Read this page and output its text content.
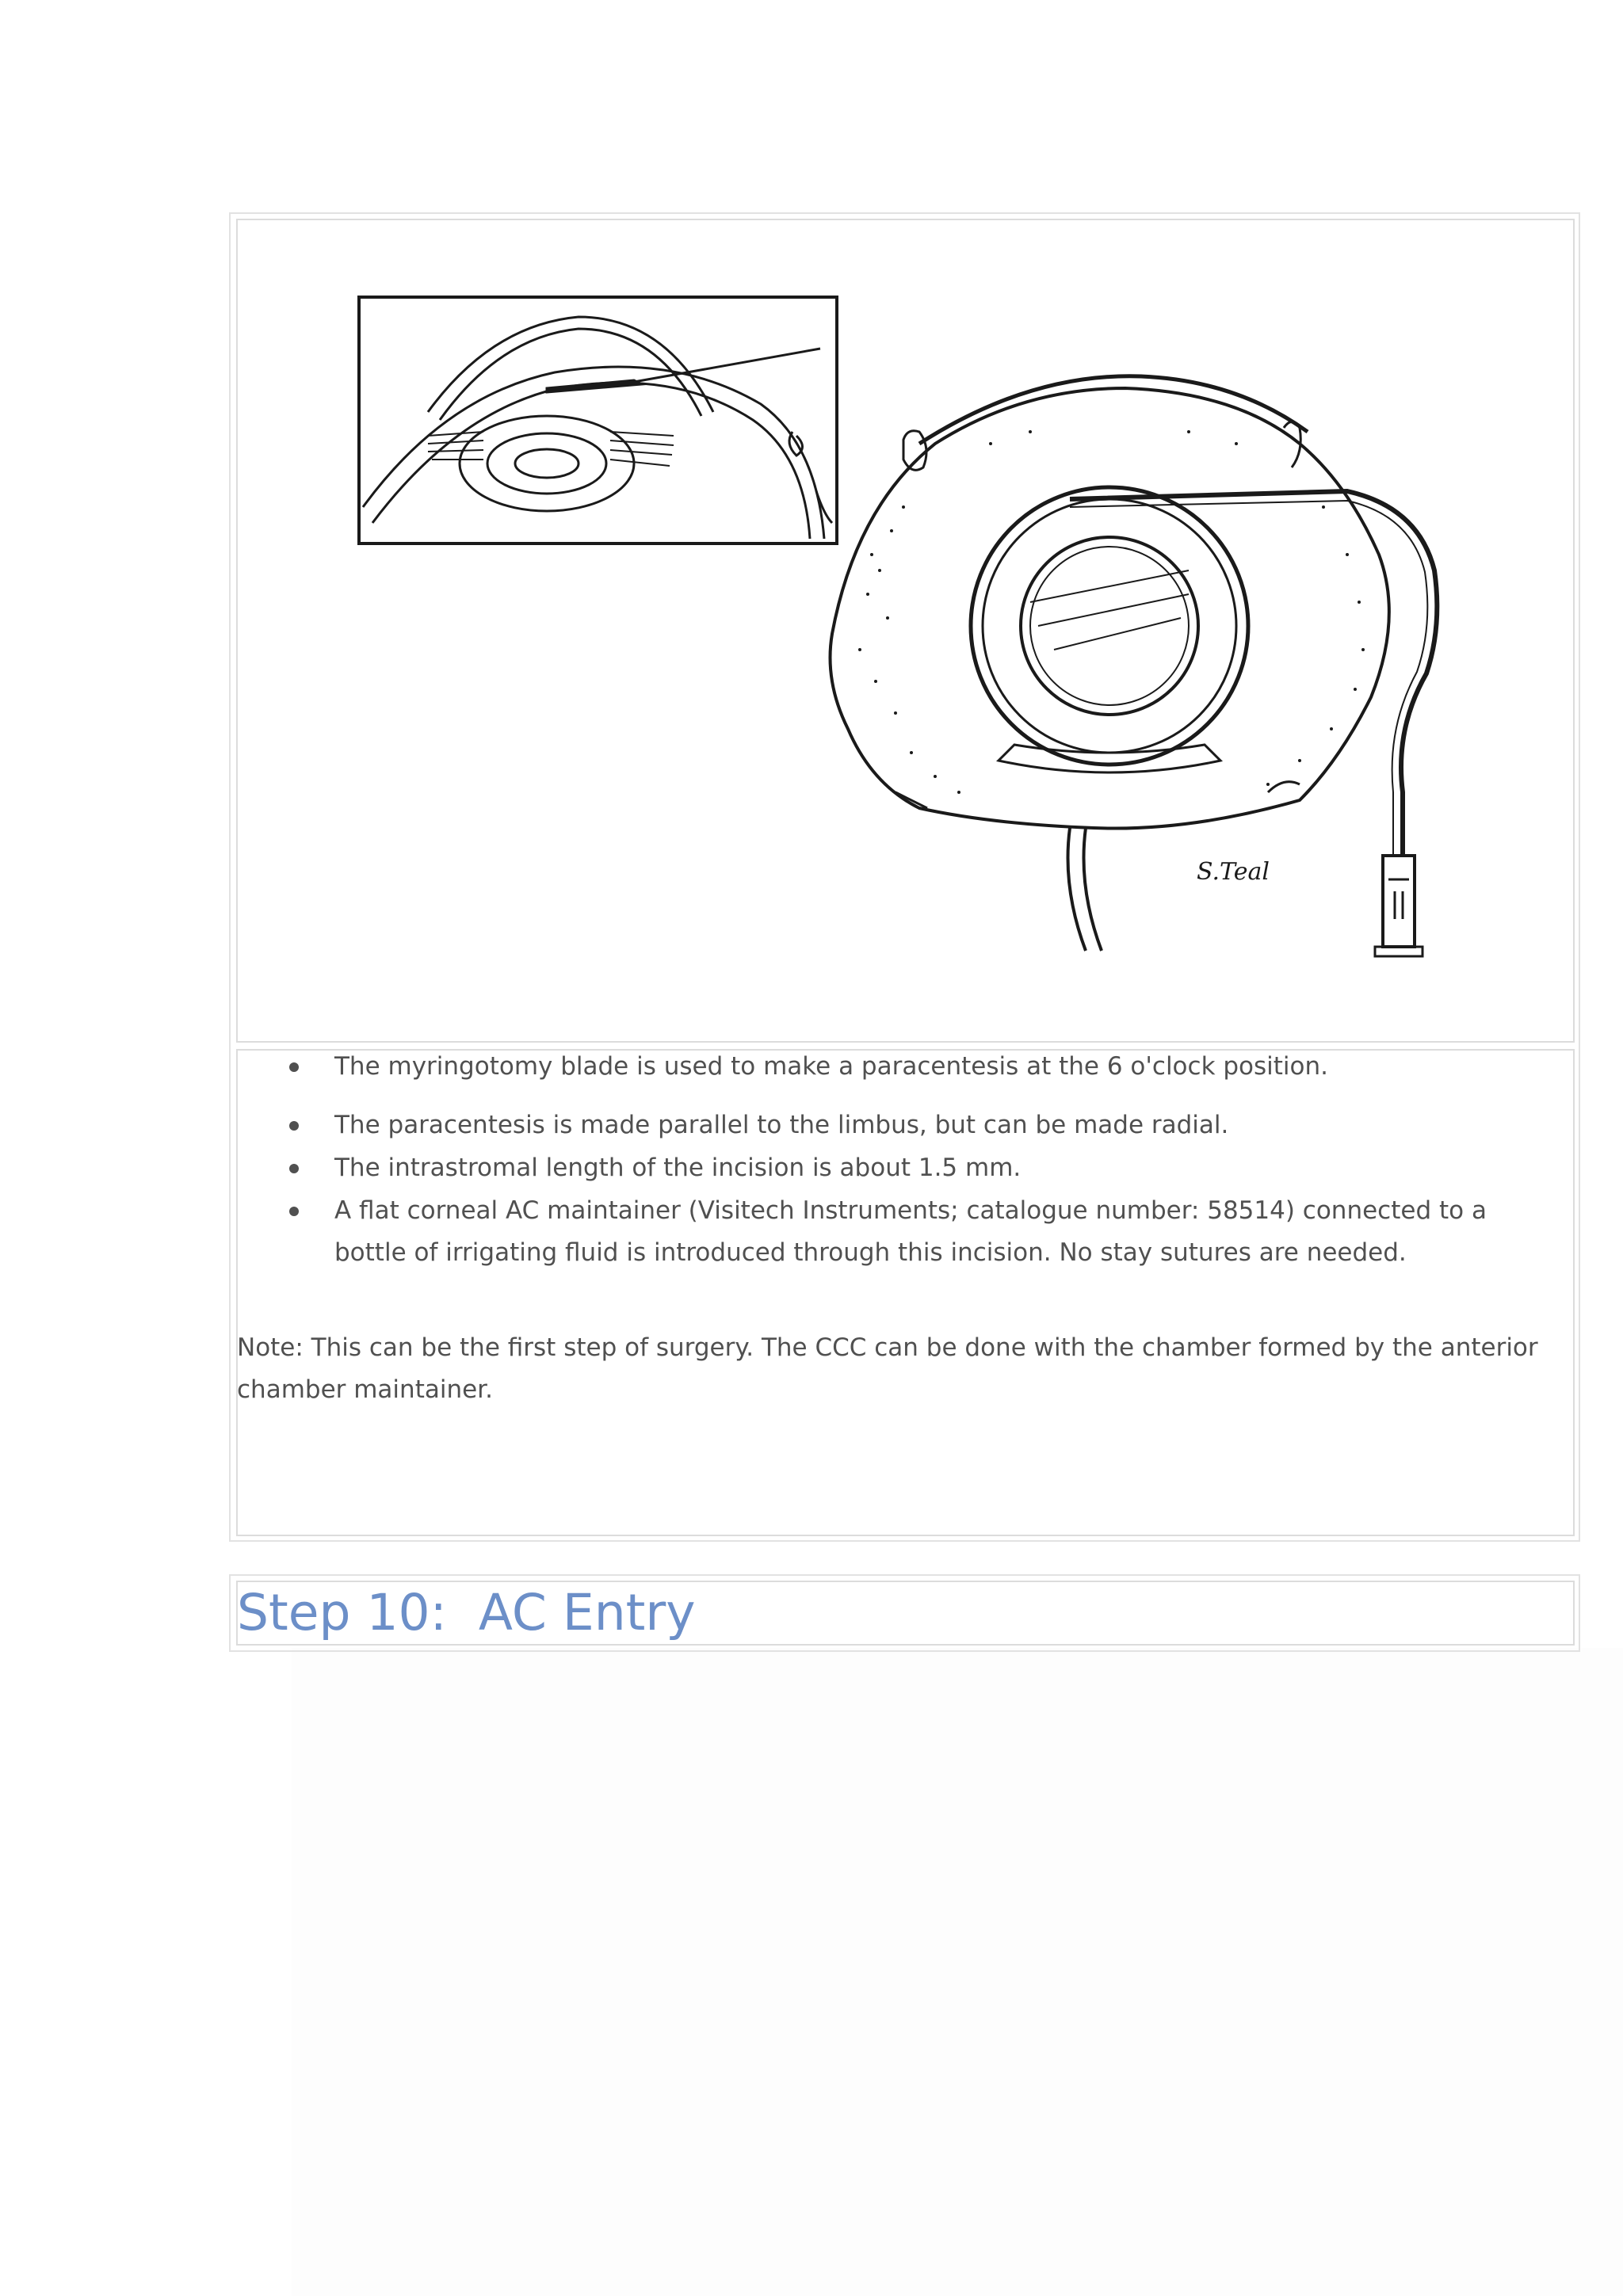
S.Teal
The myringotomy blade is used to make a paracentesis at the 6 o'clock position.
The paracentesis is made parallel to the limbus, but can be made radial.
The intrastromal length of the incision is about 1.5 mm.
A flat corneal AC maintainer (Visitech Instruments; catalogue number: 58514) connected to a
bottle of irrigating fluid is introduced through this incision. No stay sutures are needed.

Note: This can be the first step of surgery. The CCC can be done with the chamber formed by the anterior
chamber maintainer.

Step 10:  AC Entry
